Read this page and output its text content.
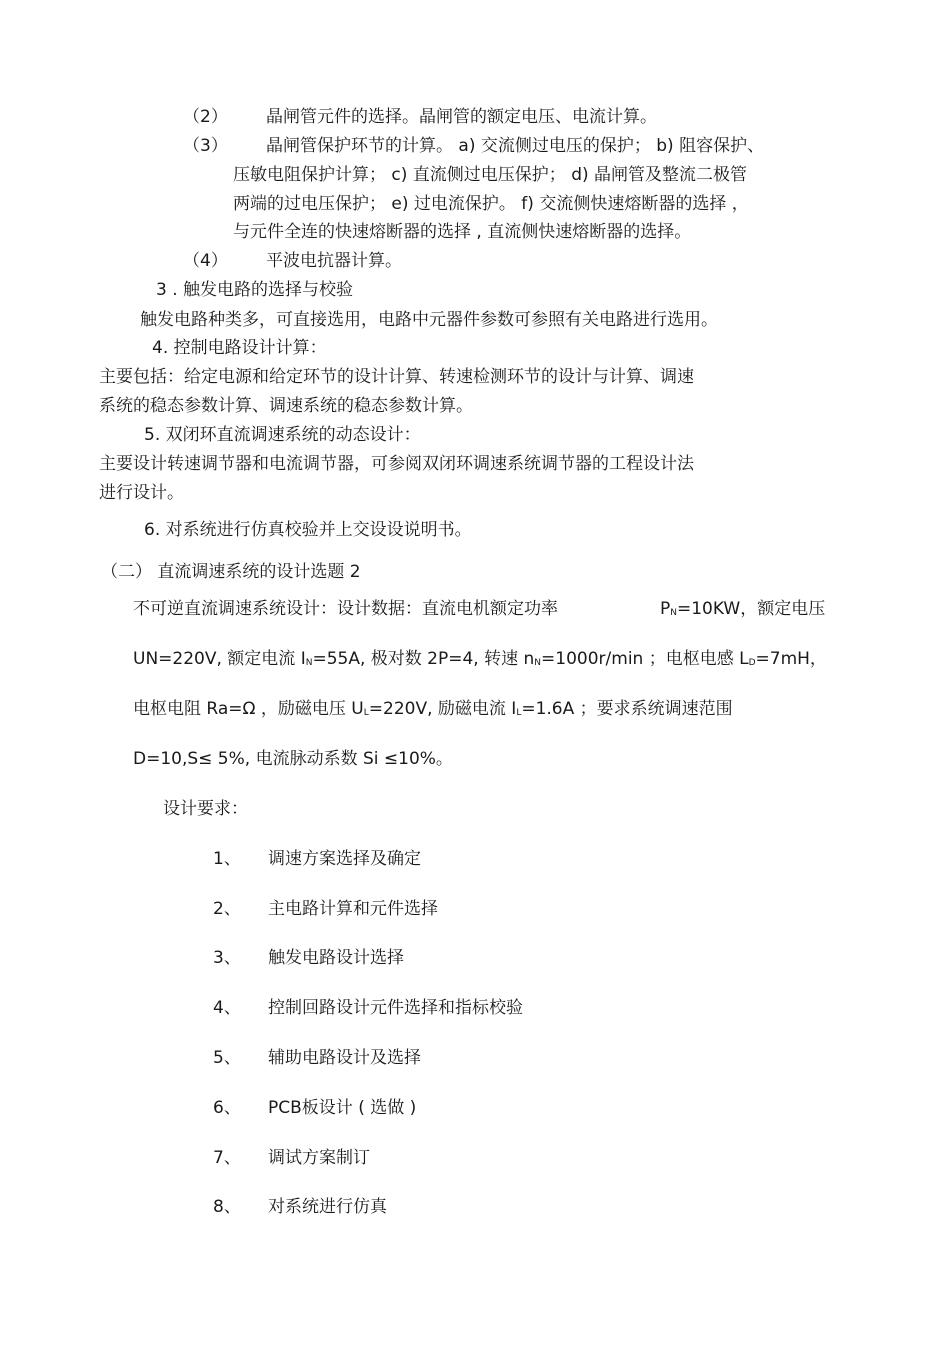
（2） 晶闸管元件的选择。晶闸管的额定电压、电流计算。
（3） 晶闸管保护环节的计算。 a) 交流侧过电压的保护； b) 阻容保护、
压敏电阻保护计算； c) 直流侧过电压保护； d) 晶闸管及整流二极管
两端的过电压保护； e) 过电流保护。 f) 交流侧快速熔断器的选择 ，
与元件全连的快速熔断器的选择 , 直流侧快速熔断器的选择。
（4） 平波电抗器计算。
3 . 触发电路的选择与校验
触发电路种类多，可直接选用，电路中元器件参数可参照有关电路进行选用。
4. 控制电路设计计算：
主要包括：给定电源和给定环节的设计计算、转速检测环节的设计与计算、调速
系统的稳态参数计算、调速系统的稳态参数计算。
5. 双闭环直流调速系统的动态设计：
主要设计转速调节器和电流调节器，可参阅双闭环调速系统调节器的工程设计法
进行设计。
6. 对系统进行仿真校验并上交设设说明书。
（二） 直流调速系统的设计选题 2
不可逆直流调速系统设计：设计数据：直流电机额定功率	PN=10KW，额定电压
UN=220V, 额定电流 IN=55A, 极对数 2P=4, 转速 nN=1000r/min ；电枢电感 LD=7mH，
电枢电阻 Ra=Ω ，励磁电压 UL=220V, 励磁电流 IL=1.6A ；要求系统调速范围
D=10,S≤ 5%, 电流脉动系数 Si ≤10%。
设计要求：
1、 调速方案选择及确定
2、 主电路计算和元件选择
3、 触发电路设计选择
4、 控制回路设计元件选择和指标校验
5、 辅助电路设计及选择
6、 PCB板设计 ( 选做 )
7、 调试方案制订
8、 对系统进行仿真
